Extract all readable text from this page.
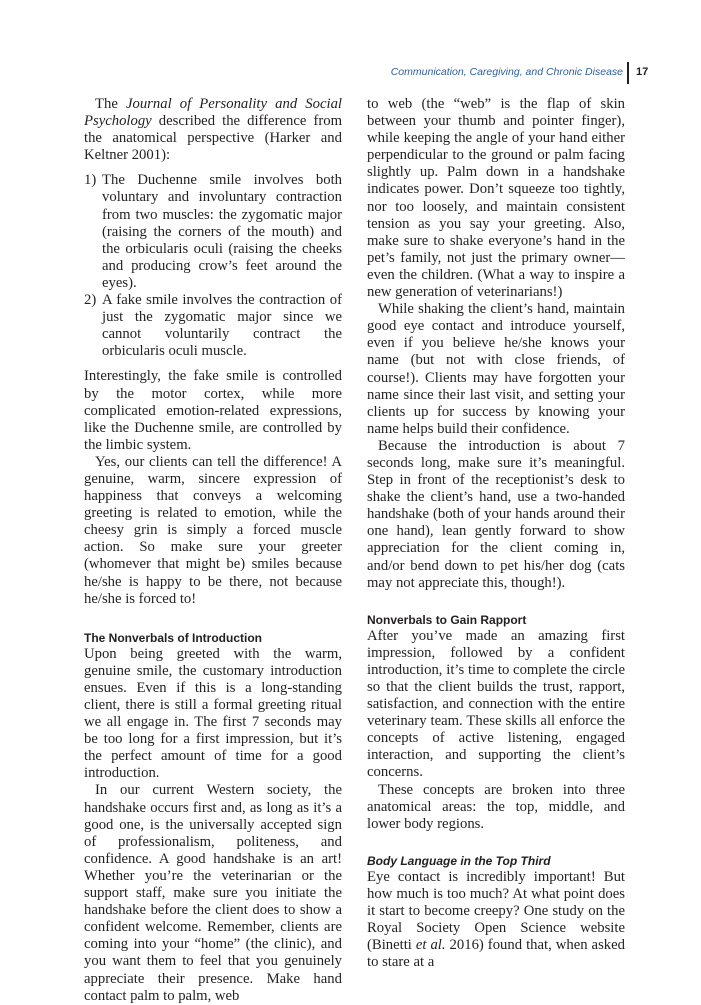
Communication, Caregiving, and Chronic Disease 17

The Journal of Personality and Social Psychology described the difference from the anatomical perspective (Harker and Keltner 2001):

1) The Duchenne smile involves both voluntary and involuntary contraction from two muscles: the zygomatic major (raising the corners of the mouth) and the orbicularis oculi (raising the cheeks and producing crow’s feet around the eyes).
2) A fake smile involves the contraction of just the zygomatic major since we cannot voluntarily contract the orbicularis oculi muscle.

Interestingly, the fake smile is controlled by the motor cortex, while more complicated emotion-related expressions, like the Duchenne smile, are controlled by the limbic system.

Yes, our clients can tell the difference! A genuine, warm, sincere expression of happiness that conveys a welcoming greeting is related to emotion, while the cheesy grin is simply a forced muscle action. So make sure your greeter (whomever that might be) smiles because he/she is happy to be there, not because he/she is forced to!

The Nonverbals of Introduction

Upon being greeted with the warm, genuine smile, the customary introduction ensues. Even if this is a long-standing client, there is still a formal greeting ritual we all engage in. The first 7 seconds may be too long for a first impression, but it’s the perfect amount of time for a good introduction.

In our current Western society, the handshake occurs first and, as long as it’s a good one, is the universally accepted sign of professionalism, politeness, and confidence. A good handshake is an art! Whether you’re the veterinarian or the support staff, make sure you initiate the handshake before the client does to show a confident welcome. Remember, clients are coming into your “home” (the clinic), and you want them to feel that you genuinely appreciate their presence. Make hand contact palm to palm, web

to web (the “web” is the flap of skin between your thumb and pointer finger), while keeping the angle of your hand either perpendicular to the ground or palm facing slightly up. Palm down in a handshake indicates power. Don’t squeeze too tightly, nor too loosely, and maintain consistent tension as you say your greeting. Also, make sure to shake everyone’s hand in the pet’s family, not just the primary owner—even the children. (What a way to inspire a new generation of veterinarians!)

While shaking the client’s hand, maintain good eye contact and introduce yourself, even if you believe he/she knows your name (but not with close friends, of course!). Clients may have forgotten your name since their last visit, and setting your clients up for success by knowing your name helps build their confidence.

Because the introduction is about 7 seconds long, make sure it’s meaningful. Step in front of the receptionist’s desk to shake the client’s hand, use a two-handed handshake (both of your hands around their one hand), lean gently forward to show appreciation for the client coming in, and/or bend down to pet his/her dog (cats may not appreciate this, though!).

Nonverbals to Gain Rapport

After you’ve made an amazing first impression, followed by a confident introduction, it’s time to complete the circle so that the client builds the trust, rapport, satisfaction, and connection with the entire veterinary team. These skills all enforce the concepts of active listening, engaged interaction, and supporting the client’s concerns.

These concepts are broken into three anatomical areas: the top, middle, and lower body regions.

Body Language in the Top Third

Eye contact is incredibly important! But how much is too much? At what point does it start to become creepy? One study on the Royal Society Open Science website (Binetti et al. 2016) found that, when asked to stare at a
